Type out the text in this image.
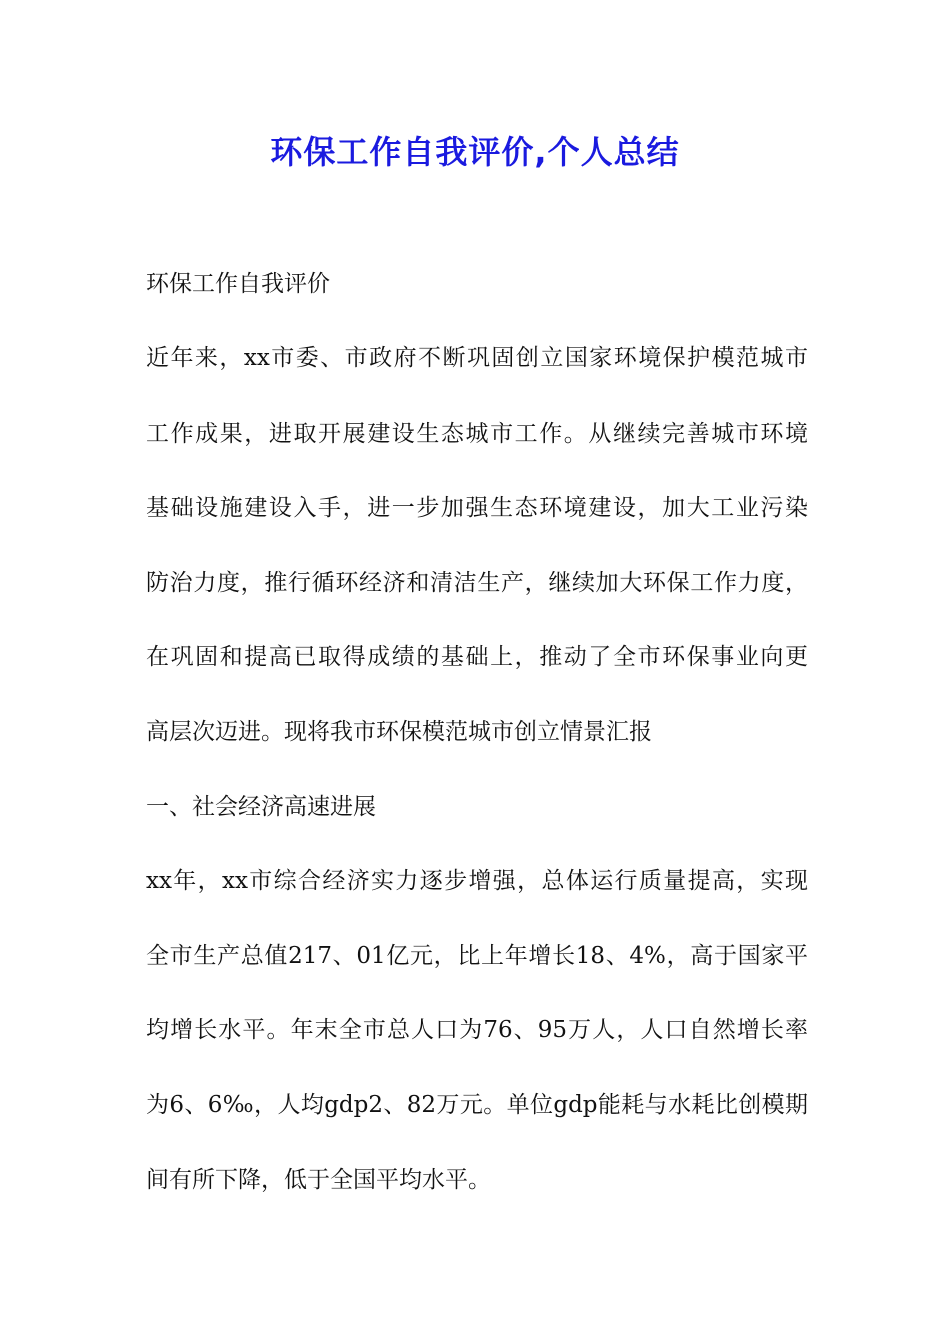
环保工作自我评价,个人总结
环保工作自我评价
近年来，xx市委、市政府不断巩固创立国家环境保护模范城市
工作成果，进取开展建设生态城市工作。从继续完善城市环境
基础设施建设入手，进一步加强生态环境建设，加大工业污染
防治力度，推行循环经济和清洁生产，继续加大环保工作力度，
在巩固和提高已取得成绩的基础上，推动了全市环保事业向更
高层次迈进。现将我市环保模范城市创立情景汇报
一、社会经济高速进展
xx年，xx市综合经济实力逐步增强，总体运行质量提高，实现
全市生产总值217、01亿元，比上年增长18、4%，高于国家平
均增长水平。年末全市总人口为76、95万人，人口自然增长率
为6、6‰，人均gdp2、82万元。单位gdp能耗与水耗比创模期
间有所下降，低于全国平均水平。
